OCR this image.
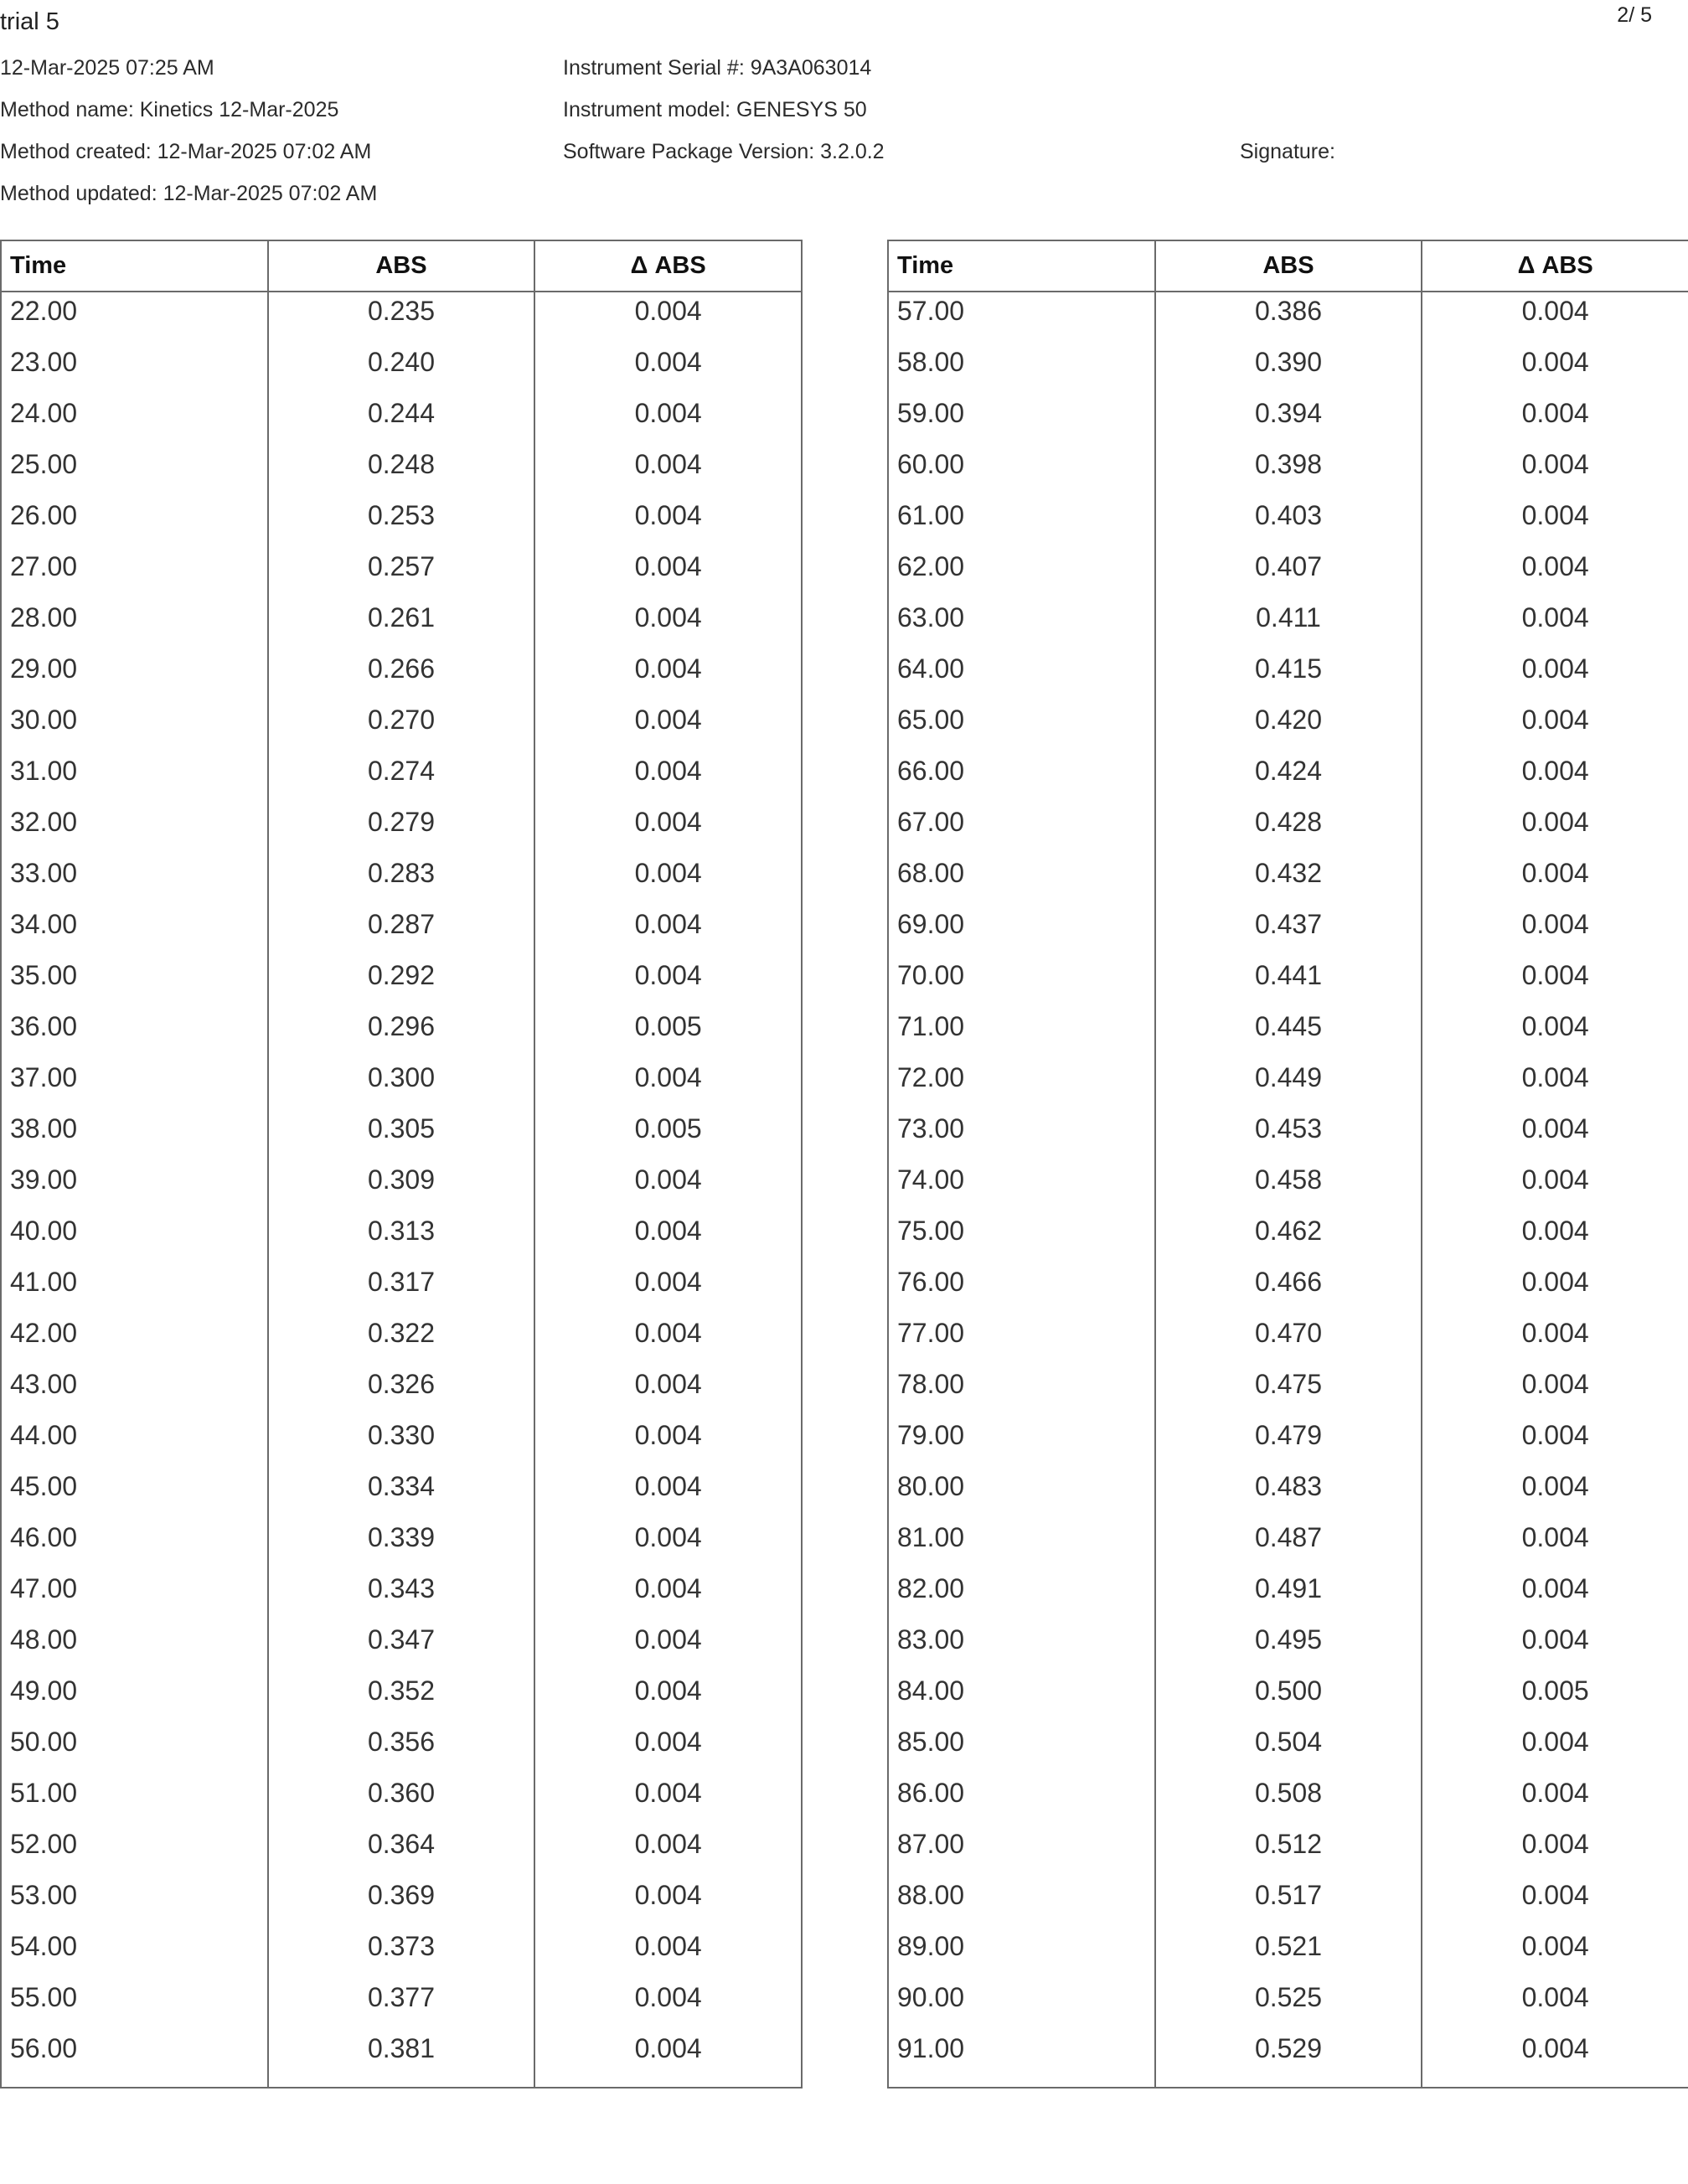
trial 5	2/ 5
12-Mar-2025 07:25 AM
Method name: Kinetics 12-Mar-2025
Method created: 12-Mar-2025 07:02 AM
Method updated: 12-Mar-2025 07:02 AM
Instrument Serial #: 9A3A063014
Instrument model: GENESYS 50
Software Package Version: 3.2.0.2	Signature:
Time	ABS	Δ ABS
22.00	0.235	0.004
23.00	0.240	0.004
24.00	0.244	0.004
25.00	0.248	0.004
26.00	0.253	0.004
27.00	0.257	0.004
28.00	0.261	0.004
29.00	0.266	0.004
30.00	0.270	0.004
31.00	0.274	0.004
32.00	0.279	0.004
33.00	0.283	0.004
34.00	0.287	0.004
35.00	0.292	0.004
36.00	0.296	0.005
37.00	0.300	0.004
38.00	0.305	0.005
39.00	0.309	0.004
40.00	0.313	0.004
41.00	0.317	0.004
42.00	0.322	0.004
43.00	0.326	0.004
44.00	0.330	0.004
45.00	0.334	0.004
46.00	0.339	0.004
47.00	0.343	0.004
48.00	0.347	0.004
49.00	0.352	0.004
50.00	0.356	0.004
51.00	0.360	0.004
52.00	0.364	0.004
53.00	0.369	0.004
54.00	0.373	0.004
55.00	0.377	0.004
56.00	0.381	0.004
Time	ABS	Δ ABS
57.00	0.386	0.004
58.00	0.390	0.004
59.00	0.394	0.004
60.00	0.398	0.004
61.00	0.403	0.004
62.00	0.407	0.004
63.00	0.411	0.004
64.00	0.415	0.004
65.00	0.420	0.004
66.00	0.424	0.004
67.00	0.428	0.004
68.00	0.432	0.004
69.00	0.437	0.004
70.00	0.441	0.004
71.00	0.445	0.004
72.00	0.449	0.004
73.00	0.453	0.004
74.00	0.458	0.004
75.00	0.462	0.004
76.00	0.466	0.004
77.00	0.470	0.004
78.00	0.475	0.004
79.00	0.479	0.004
80.00	0.483	0.004
81.00	0.487	0.004
82.00	0.491	0.004
83.00	0.495	0.004
84.00	0.500	0.005
85.00	0.504	0.004
86.00	0.508	0.004
87.00	0.512	0.004
88.00	0.517	0.004
89.00	0.521	0.004
90.00	0.525	0.004
91.00	0.529	0.004
